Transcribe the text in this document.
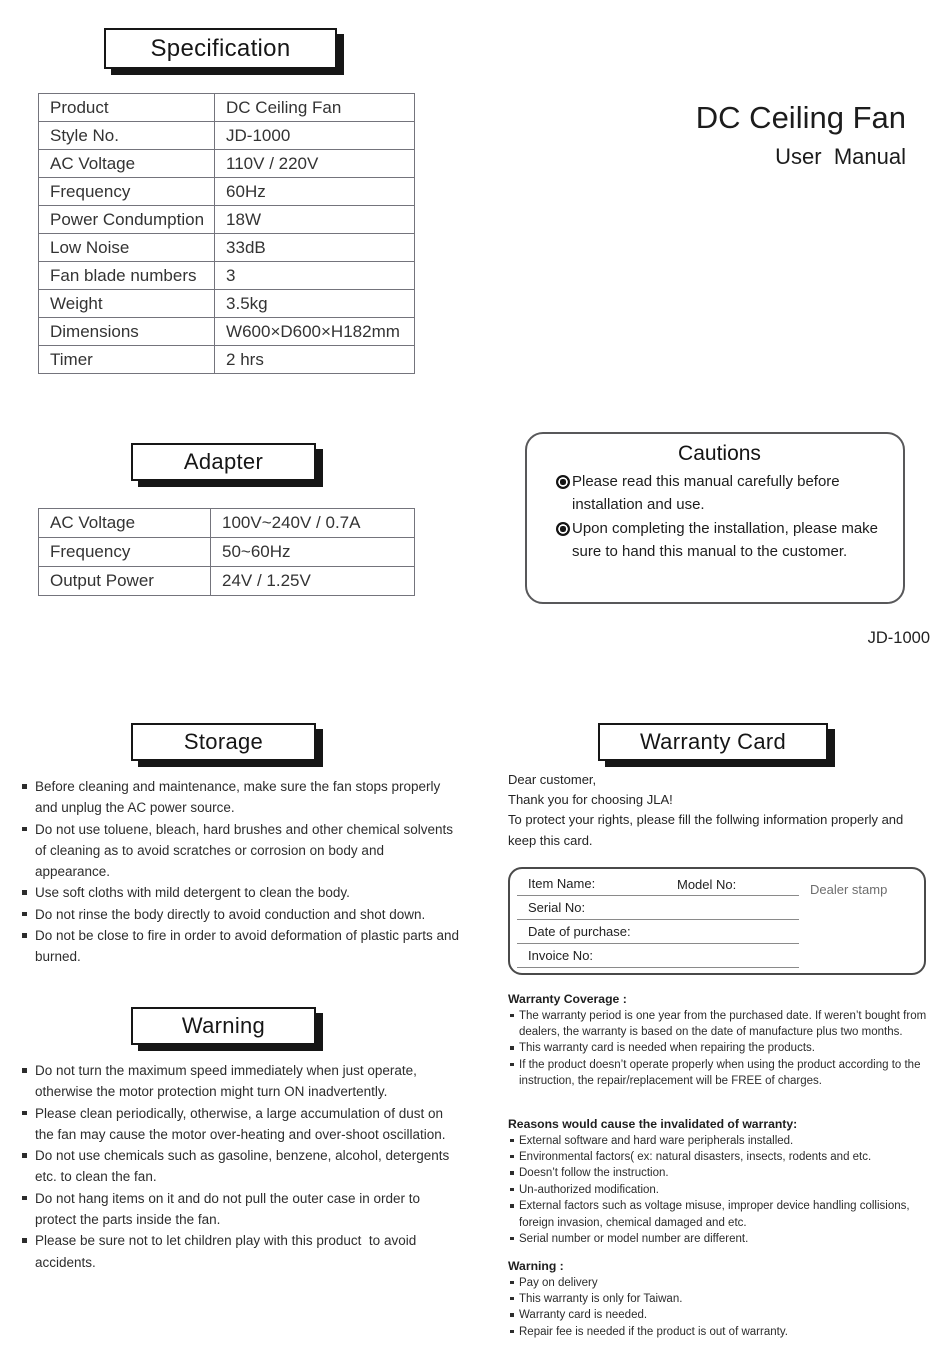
Specification
Product	DC Ceiling Fan
Style No.	JD-1000
AC Voltage	110V / 220V
Frequency	60Hz
Power Condumption	18W
Low Noise	33dB
Fan blade numbers	3
Weight	3.5kg
Dimensions	W600×D600×H182mm
Timer	2 hrs
DC Ceiling Fan
User  Manual
Adapter
AC Voltage	100V~240V / 0.7A
Frequency	50~60Hz
Output Power	24V / 1.25V
Cautions
Please read this manual carefully before installation and use.
Upon completing the installation, please make sure to hand this manual to the customer.
JD-1000
Storage
Before cleaning and maintenance, make sure the fan stops properly and unplug the AC power source.
Do not use toluene, bleach, hard brushes and other chemical solvents of cleaning as to avoid scratches or corrosion on body and appearance.
Use soft cloths with mild detergent to clean the body.
Do not rinse the body directly to avoid conduction and shot down.
Do not be close to fire in order to avoid deformation of plastic parts and burned.
Warning
Do not turn the maximum speed immediately when just operate, otherwise the motor protection might turn ON inadvertently.
Please clean periodically, otherwise, a large accumulation of dust on the fan may cause the motor over-heating and over-shoot oscillation.
Do not use chemicals such as gasoline, benzene, alcohol, detergents etc. to clean the fan.
Do not hang items on it and do not pull the outer case in order to protect the parts inside the fan.
Please be sure not to let children play with this product  to avoid accidents.
Warranty Card
Dear customer,
Thank you for choosing JLA!
To protect your rights, please fill the follwing information properly and keep this card.
Item Name:	Model No:
Serial No:
Date of purchase:
Invoice No:
Dealer stamp
Warranty Coverage :
The warranty period is one year from the purchased date. If weren’t bought from dealers, the warranty is based on the date of manufacture plus two months.
This warranty card is needed when repairing the products.
If the product doesn’t operate properly when using the product according to the instruction, the repair/replacement will be FREE of charges.
Reasons would cause the invalidated of warranty:
External software and hard ware peripherals installed.
Environmental factors( ex: natural disasters, insects, rodents and etc.
Doesn’t follow the instruction.
Un-authorized modification.
External factors such as voltage misuse, improper device handling collisions, foreign invasion, chemical damaged and etc.
Serial number or model number are different.
Warning :
Pay on delivery
This warranty is only for Taiwan.
Warranty card is needed.
Repair fee is needed if the product is out of warranty.
